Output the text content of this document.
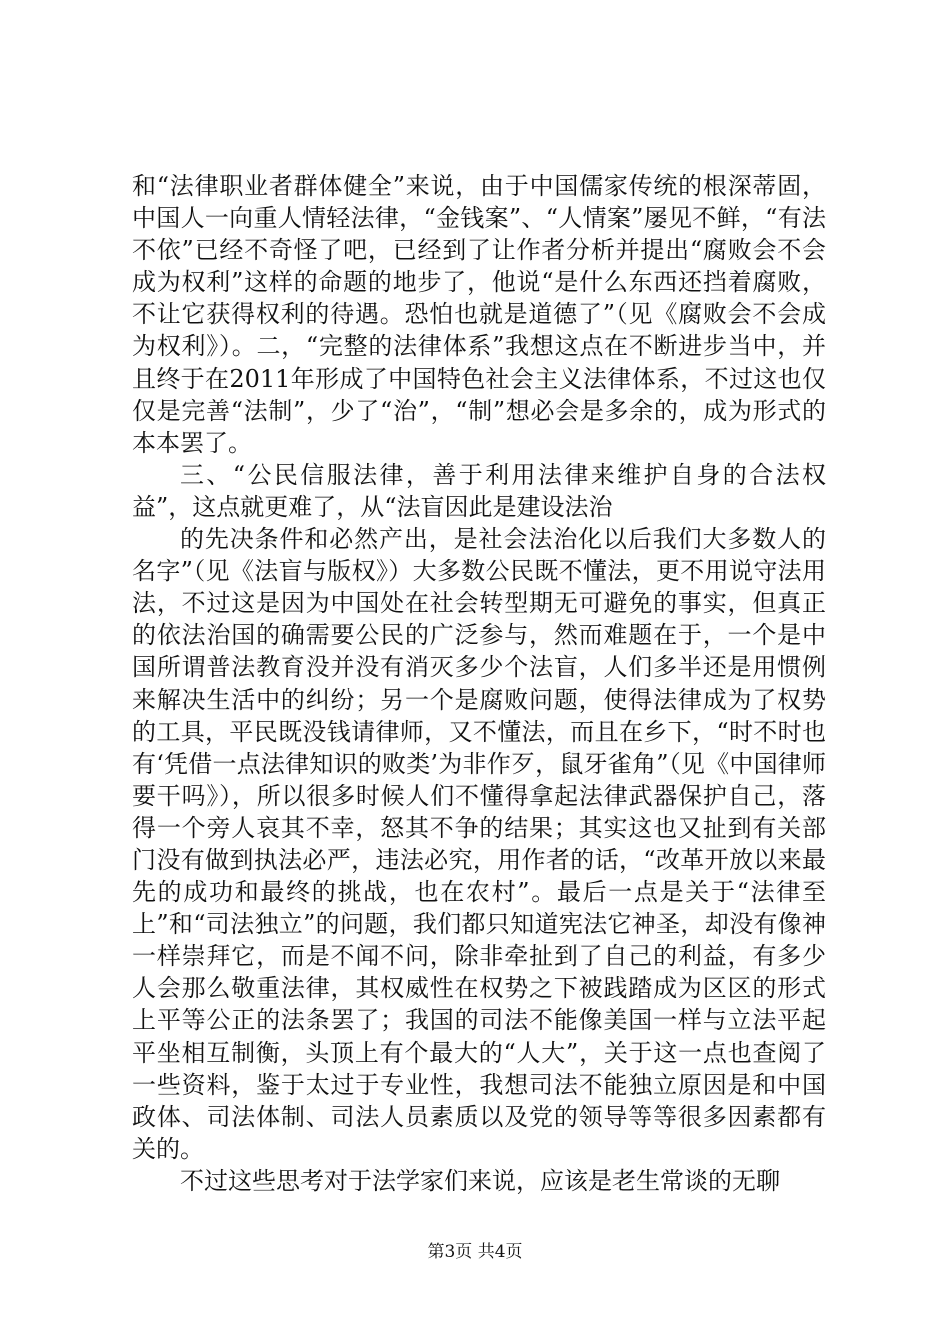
和“法律职业者群体健全”来说，由于中国儒家传统的根深蒂固，中国人一向重人情轻法律，“金钱案”、“人情案”屡见不鲜，“有法不依”已经不奇怪了吧，已经到了让作者分析并提出“腐败会不会成为权利”这样的命题的地步了，他说“是什么东西还挡着腐败，不让它获得权利的待遇。恐怕也就是道德了”（见《腐败会不会成为权利》）。二，“完整的法律体系”我想这点在不断进步当中，并且终于在2011年形成了中国特色社会主义法律体系，不过这也仅仅是完善“法制”，少了“治”，“制”想必会是多余的，成为形式的本本罢了。

三、“公民信服法律，善于利用法律来维护自身的合法权益”，这点就更难了，从“法盲因此是建设法治

的先决条件和必然产出，是社会法治化以后我们大多数人的名字”（见《法盲与版权》）大多数公民既不懂法，更不用说守法用法，不过这是因为中国处在社会转型期无可避免的事实，但真正的依法治国的确需要公民的广泛参与，然而难题在于，一个是中国所谓普法教育没并没有消灭多少个法盲，人们多半还是用惯例来解决生活中的纠纷；另一个是腐败问题，使得法律成为了权势的工具，平民既没钱请律师，又不懂法，而且在乡下，“时不时也有‘凭借一点法律知识的败类’为非作歹，鼠牙雀角”（见《中国律师要干吗》），所以很多时候人们不懂得拿起法律武器保护自己，落得一个旁人哀其不幸，怒其不争的结果；其实这也又扯到有关部门没有做到执法必严，违法必究，用作者的话，“改革开放以来最先的成功和最终的挑战，也在农村”。最后一点是关于“法律至上”和“司法独立”的问题，我们都只知道宪法它神圣，却没有像神一样崇拜它，而是不闻不问，除非牵扯到了自己的利益，有多少人会那么敬重法律，其权威性在权势之下被践踏成为区区的形式上平等公正的法条罢了；我国的司法不能像美国一样与立法平起平坐相互制衡，头顶上有个最大的“人大”，关于这一点也查阅了一些资料，鉴于太过于专业性，我想司法不能独立原因是和中国政体、司法体制、司法人员素质以及党的领导等等很多因素都有关的。

不过这些思考对于法学家们来说，应该是老生常谈的无聊

第3页 共4页
